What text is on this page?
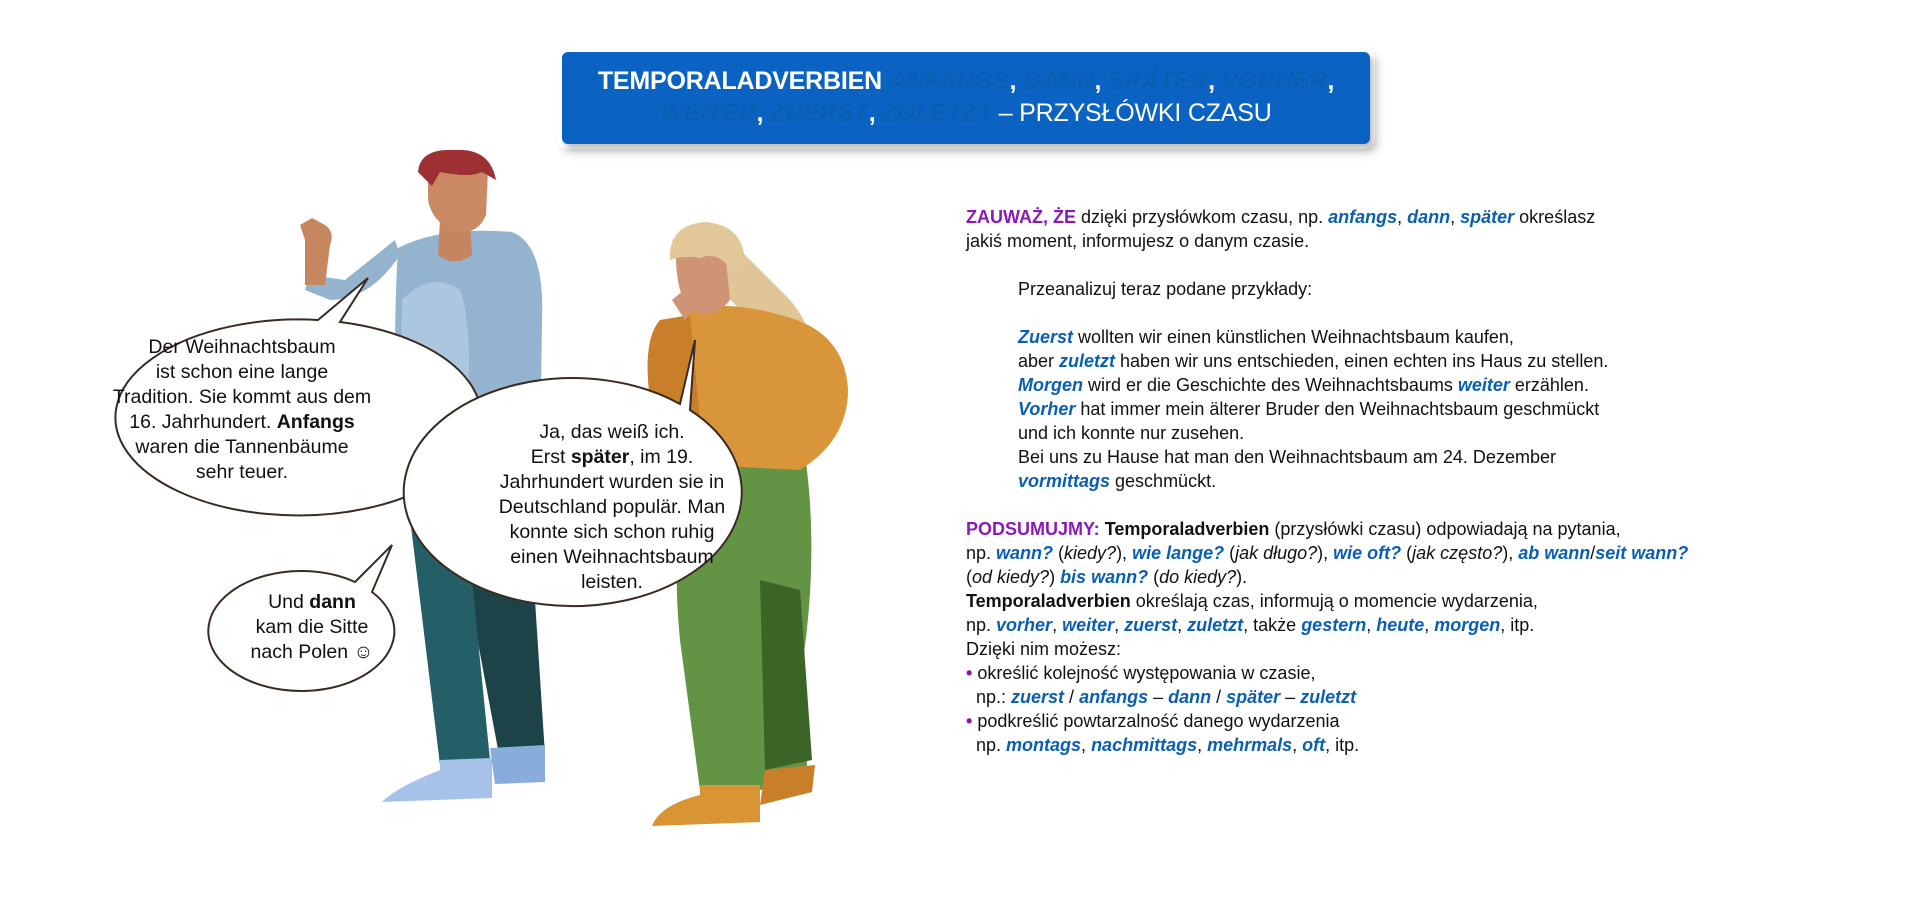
TEMPORALADVERBIEN ANFANGS, DANN, SPÄTER, VORHER,
WEITER, ZUERST, ZULETZT – PRZYSŁÓWKI CZASU
Der Weihnachtsbaum
ist schon eine lange
Tradition. Sie kommt aus dem
16. Jahrhundert. Anfangs
waren die Tannenbäume
sehr teuer.
Ja, das weiß ich.
Erst später, im 19.
Jahrhundert wurden sie in
Deutschland populär. Man
konnte sich schon ruhig
einen Weihnachtsbaum
leisten.
Und dann
kam die Sitte
nach Polen ☺
ZAUWAŻ, ŻE dzięki przysłówkom czasu, np. anfangs, dann, später określasz
jakiś moment, informujesz o danym czasie.
Przeanalizuj teraz podane przykłady:
Zuerst wollten wir einen künstlichen Weihnachtsbaum kaufen,
aber zuletzt haben wir uns entschieden, einen echten ins Haus zu stellen.
Morgen wird er die Geschichte des Weihnachtsbaums weiter erzählen.
Vorher hat immer mein älterer Bruder den Weihnachtsbaum geschmückt
und ich konnte nur zusehen.
Bei uns zu Hause hat man den Weihnachtsbaum am 24. Dezember
vormittags geschmückt.
PODSUMUJMY: Temporaladverbien (przysłówki czasu) odpowiadają na pytania,
np. wann? (kiedy?), wie lange? (jak długo?), wie oft? (jak często?), ab wann/seit wann?
(od kiedy?) bis wann? (do kiedy?).
Temporaladverbien określają czas, informują o momencie wydarzenia,
np. vorher, weiter, zuerst, zuletzt, także gestern, heute, morgen, itp.
Dzięki nim możesz:
• określić kolejność występowania w czasie,
np.: zuerst / anfangs – dann / später – zuletzt
• podkreślić powtarzalność danego wydarzenia
np. montags, nachmittags, mehrmals, oft, itp.
